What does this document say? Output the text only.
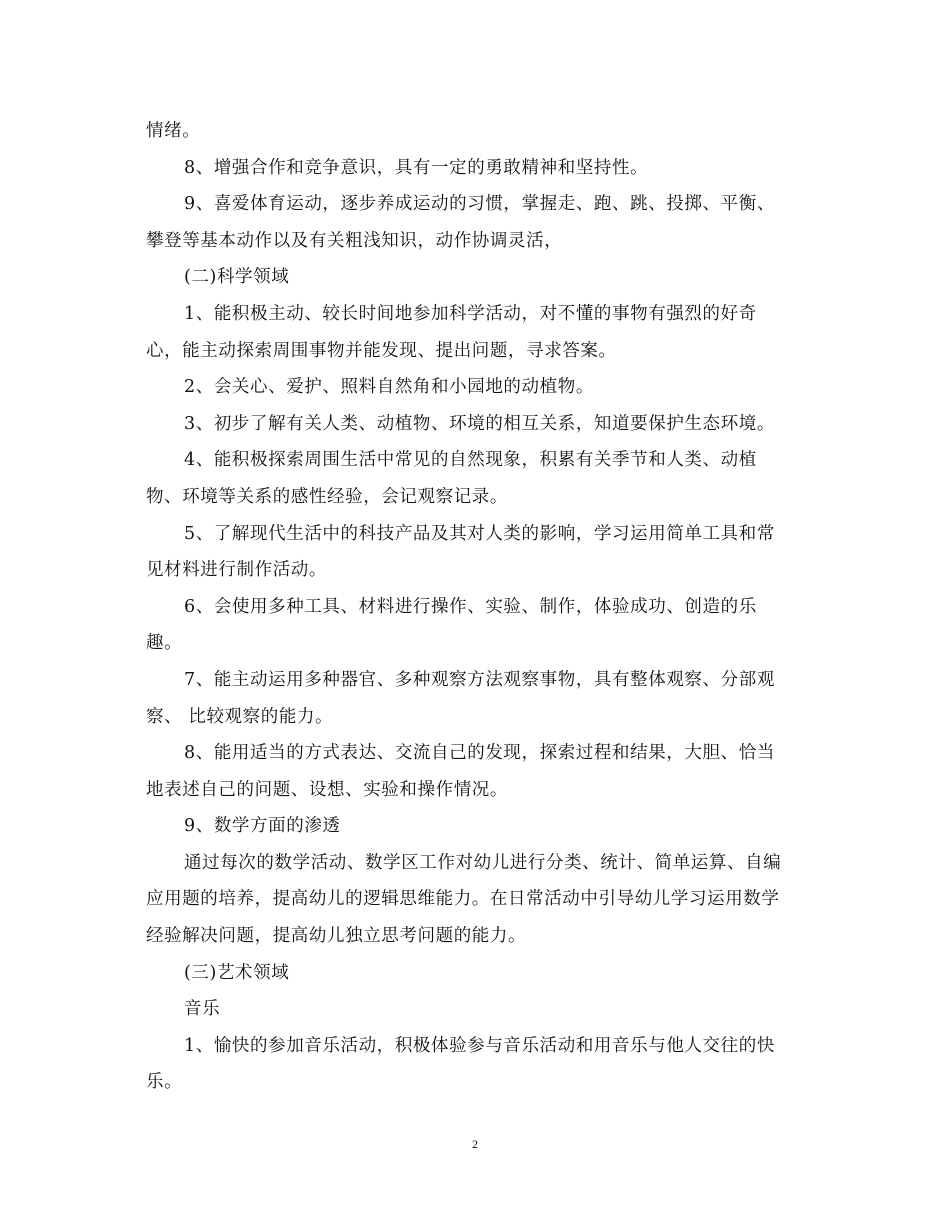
情绪。

8、增强合作和竞争意识，具有一定的勇敢精神和坚持性。

9、喜爱体育运动，逐步养成运动的习惯，掌握走、跑、跳、投掷、平衡、

攀登等基本动作以及有关粗浅知识，动作协调灵活，

(二)科学领域

1、能积极主动、较长时间地参加科学活动，对不懂的事物有强烈的好奇

心，能主动探索周围事物并能发现、提出问题，寻求答案。

2、会关心、爱护、照料自然角和小园地的动植物。

3、初步了解有关人类、动植物、环境的相互关系，知道要保护生态环境。

4、能积极探索周围生活中常见的自然现象，积累有关季节和人类、动植

物、环境等关系的感性经验，会记观察记录。

5、了解现代生活中的科技产品及其对人类的影响，学习运用简单工具和常

见材料进行制作活动。

6、会使用多种工具、材料进行操作、实验、制作，体验成功、创造的乐

趣。

7、能主动运用多种器官、多种观察方法观察事物，具有整体观察、分部观

察、 比较观察的能力。

8、能用适当的方式表达、交流自己的发现，探索过程和结果，大胆、恰当

地表述自己的问题、设想、实验和操作情况。

9、数学方面的渗透

通过每次的数学活动、数学区工作对幼儿进行分类、统计、简单运算、自编

应用题的培养，提高幼儿的逻辑思维能力。在日常活动中引导幼儿学习运用数学

经验解决问题，提高幼儿独立思考问题的能力。

(三)艺术领域

音乐

1、愉快的参加音乐活动，积极体验参与音乐活动和用音乐与他人交往的快

乐。

2
